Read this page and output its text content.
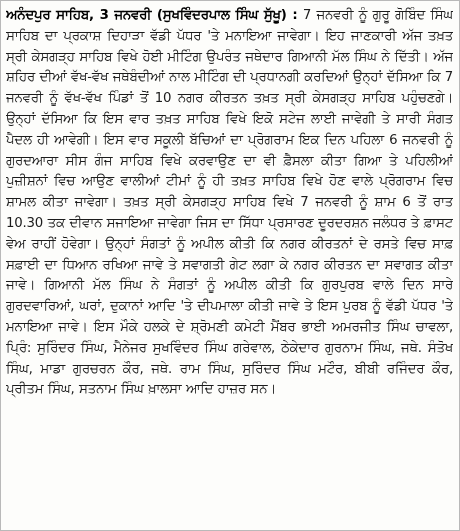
ਅਨੰਦਪੁਰ ਸਾਹਿਬ, 3 ਜਨਵਰੀ (ਸੁਖਵਿੰਦਰਪਾਲ ਸਿੰਘ ਸੁੱਖੂ) : 7 ਜਨਵਰੀ ਨੂੰ ਗੁਰੂ ਗੋਬਿੰਦ ਸਿੰਘ ਸਾਹਿਬ ਦਾ ਪ੍ਰਕਾਸ਼ ਦਿਹਾੜਾ ਵੱਡੀ ਪੱਧਰ 'ਤੇ ਮਨਾਇਆ ਜਾਵੇਗਾ। ਇਹ ਜਾਣਕਾਰੀ ਅੱਜ ਤਖ਼ਤ ਸ੍ਰੀ ਕੇਸਗੜ੍ਹ ਸਾਹਿਬ ਵਿਖੇ ਹੋਈ ਮੀਟਿੰਗ ਉਪਰੰਤ ਜਥੇਦਾਰ ਗਿਆਨੀ ਮੱਲ ਸਿੰਘ ਨੇ ਦਿੱਤੀ। ਅੱਜ ਸ਼ਹਿਰ ਦੀਆਂ ਵੱਖ-ਵੱਖ ਜਥੇਬੰਦੀਆਂ ਨਾਲ ਮੀਟਿੰਗ ਦੀ ਪ੍ਰਧਾਨਗੀ ਕਰਦਿਆਂ ਉਨ੍ਹਾਂ ਦੱਸਿਆ ਕਿ 7 ਜਨਵਰੀ ਨੂੰ ਵੱਖ-ਵੱਖ ਪਿੰਡਾਂ ਤੋਂ 10 ਨਗਰ ਕੀਰਤਨ ਤਖ਼ਤ ਸ੍ਰੀ ਕੇਸਗੜ੍ਹ ਸਾਹਿਬ ਪਹੁੰਚਣਗੇ। ਉਨ੍ਹਾਂ ਦੱਸਿਆ ਕਿ ਇਸ ਵਾਰ ਤਖ਼ਤ ਸਾਹਿਬ ਵਿਖੇ ਇਕੋ ਸਟੇਜ ਲਾਈ ਜਾਵੇਗੀ ਤੇ ਸਾਰੀ ਸੰਗਤ ਪੈਦਲ ਹੀ ਆਵੇਗੀ। ਇਸ ਵਾਰ ਸਕੂਲੀ ਬੱਚਿਆਂ ਦਾ ਪ੍ਰੋਗਰਾਮ ਇਕ ਦਿਨ ਪਹਿਲਾ 6 ਜਨਵਰੀ ਨੂੰ ਗੁਰਦਆਰਾ ਸੀਸ ਗੰਜ ਸਾਹਿਬ ਵਿਖੇ ਕਰਵਾਉਣ ਦਾ ਵੀ ਫ਼ੈਸਲਾ ਕੀਤਾ ਗਿਆ ਤੇ ਪਹਿਲੀਆਂ ਪੁਜ਼ੀਸ਼ਨਾਂ ਵਿਚ ਆਉਣ ਵਾਲੀਆਂ ਟੀਮਾਂ ਨੂੰ ਹੀ ਤਖ਼ਤ ਸਾਹਿਬ ਵਿਖੇ ਹੋਣ ਵਾਲੇ ਪ੍ਰੋਗਰਾਮ ਵਿਚ ਸ਼ਾਮਲ ਕੀਤਾ ਜਾਵੇਗਾ। ਤਖ਼ਤ ਸ੍ਰੀ ਕੇਸਗੜ੍ਹ ਸਾਹਿਬ ਵਿਖੇ 7 ਜਨਵਰੀ ਨੂੰ ਸ਼ਾਮ 6 ਤੋਂ ਰਾਤ 10.30 ਤਕ ਦੀਵਾਨ ਸਜਾਇਆ ਜਾਵੇਗਾ ਜਿਸ ਦਾ ਸਿੱਧਾ ਪ੍ਰਸਾਰਣ ਦੂਰਦਰਸ਼ਨ ਜਲੰਧਰ ਤੇ ਫ਼ਾਸਟ ਵੇਅ ਰਾਹੀਂ ਹੋਵੇਗਾ। ਉਨ੍ਹਾਂ ਸੰਗਤਾਂ ਨੂੰ ਅਪੀਲ ਕੀਤੀ ਕਿ ਨਗਰ ਕੀਰਤਨਾਂ ਦੇ ਰਸਤੇ ਵਿਚ ਸਾਫ਼ ਸਫ਼ਾਈ ਦਾ ਧਿਆਨ ਰਖਿਆ ਜਾਵੇ ਤੇ ਸਵਾਗਤੀ ਗੇਟ ਲਗਾ ਕੇ ਨਗਰ ਕੀਰਤਨ ਦਾ ਸਵਾਗਤ ਕੀਤਾ ਜਾਵੇ। ਗਿਆਨੀ ਮੱਲ ਸਿੰਘ ਨੇ ਸੰਗਤਾਂ ਨੂੰ ਅਪੀਲ ਕੀਤੀ ਕਿ ਗੁਰਪੁਰਬ ਵਾਲੇ ਦਿਨ ਸਾਰੇ ਗੁਰਦਵਾਰਿਆਂ, ਘਰਾਂ, ਦੁਕਾਨਾਂ ਆਦਿ 'ਤੇ ਦੀਪਮਾਲਾ ਕੀਤੀ ਜਾਵੇ ਤੇ ਇਸ ਪੁਰਬ ਨੂੰ ਵੱਡੀ ਪੱਧਰ 'ਤੇ ਮਨਾਇਆ ਜਾਵੇ। ਇਸ ਮੌਕੇ ਹਲਕੇ ਦੇ ਸ਼੍ਰੋਮਣੀ ਕਮੇਟੀ ਮੈਂਬਰ ਭਾਈ ਅਮਰਜੀਤ ਸਿੰਘ ਚਾਵਲਾ, ਪ੍ਰਿੰ: ਸੁਰਿੰਦਰ ਸਿੰਘ, ਮੈਨੇਜਰ ਸੁਖਵਿੰਦਰ ਸਿੰਘ ਗਰੇਵਾਲ, ਠੇਕੇਦਾਰ ਗੁਰਨਾਮ ਸਿੰਘ, ਜਥੇ. ਸੰਤੋਖ ਸਿੰਘ, ਮਾਡਾ ਗੁਰਚਰਨ ਕੌਰ, ਜਥੇ. ਰਾਮ ਸਿੰਘ, ਸੁਰਿੰਦਰ ਸਿੰਘ ਮਟੌਰ, ਬੀਬੀ ਰਜਿੰਦਰ ਕੌਰ, ਪ੍ਰੀਤਮ ਸਿੰਘ, ਸਤਨਾਮ ਸਿੰਘ ਖ਼ਾਲਸਾ ਆਦਿ ਹਾਜ਼ਰ ਸਨ।
